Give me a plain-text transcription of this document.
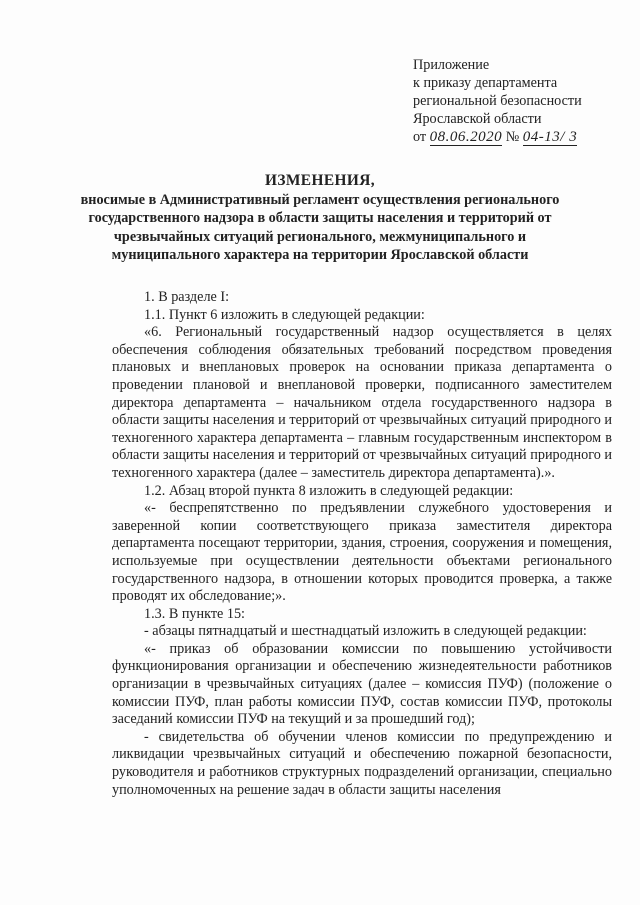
Приложение
к приказу департамента
региональной безопасности
Ярославской области
от 08.06.2020 № 04-13/ 3
ИЗМЕНЕНИЯ,
вносимые в Административный регламент осуществления регионального государственного надзора в области защиты населения и территорий от чрезвычайных ситуаций регионального, межмуниципального и муниципального характера на территории Ярославской области

1. В разделе I:

1.1. Пункт 6 изложить в следующей редакции:

«6. Региональный государственный надзор осуществляется в целях обеспечения соблюдения обязательных требований посредством проведения плановых и внеплановых проверок на основании приказа департамента о проведении плановой и внеплановой проверки, подписанного заместителем директора департамента – начальником отдела государственного надзора в области защиты населения и территорий от чрезвычайных ситуаций природного и техногенного характера департамента – главным государственным инспектором в области защиты населения и территорий от чрезвычайных ситуаций природного и техногенного характера (далее – заместитель директора департамента).».

1.2. Абзац второй пункта 8 изложить в следующей редакции:

«- беспрепятственно по предъявлении служебного удостоверения и заверенной копии соответствующего приказа заместителя директора департамента посещают территории, здания, строения, сооружения и помещения, используемые при осуществлении деятельности объектами регионального государственного надзора, в отношении которых проводится проверка, а также проводят их обследование;».

1.3. В пункте 15:

- абзацы пятнадцатый и шестнадцатый изложить в следующей редакции:

«- приказ об образовании комиссии по повышению устойчивости функционирования организации и обеспечению жизнедеятельности работников организации в чрезвычайных ситуациях (далее – комиссия ПУФ) (положение о комиссии ПУФ, план работы комиссии ПУФ, состав комиссии ПУФ, протоколы заседаний комиссии ПУФ на текущий и за прошедший год);

- свидетельства об обучении членов комиссии по предупреждению и ликвидации чрезвычайных ситуаций и обеспечению пожарной безопасности, руководителя и работников структурных подразделений организации, специально уполномоченных на решение задач в области защиты населения
